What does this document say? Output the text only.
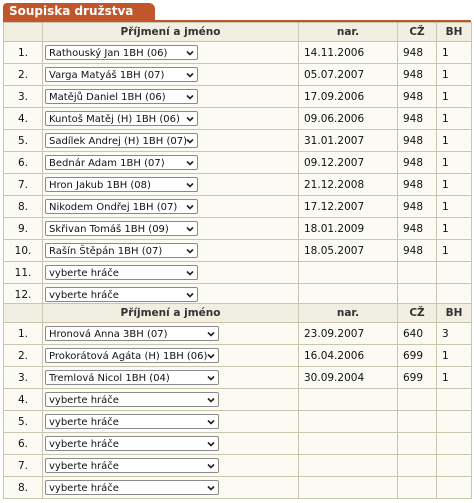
Soupiska družstva
	Příjmení a jméno	nar.	CŽ	BH
1.	Rathouský Jan 1BH (06)	14.11.2006	948	1
2.	Varga Matyáš 1BH (07)	05.07.2007	948	1
3.	Matějů Daniel 1BH (06)	17.09.2006	948	1
4.	Kuntoš Matěj (H) 1BH (06)	09.06.2006	948	1
5.	Sadílek Andrej (H) 1BH (07)	31.01.2007	948	1
6.	Bednár Adam 1BH (07)	09.12.2007	948	1
7.	Hron Jakub 1BH (08)	21.12.2008	948	1
8.	Nikodem Ondřej 1BH (07)	17.12.2007	948	1
9.	Skřivan Tomáš 1BH (09)	18.01.2009	948	1
10.	Rašín Štěpán 1BH (07)	18.05.2007	948	1
11.	vyberte hráče

12.	vyberte hráče

	Příjmení a jméno	nar.	CŽ	BH
1.	Hronová Anna 3BH (07)	23.09.2007	640	3
2.	Prokorátová Agáta (H) 1BH (06)	16.04.2006	699	1
3.	Tremlová Nicol 1BH (04)	30.09.2004	699	1
4.	vyberte hráče

5.	vyberte hráče

6.	vyberte hráče

7.	vyberte hráče

8.	vyberte hráče
